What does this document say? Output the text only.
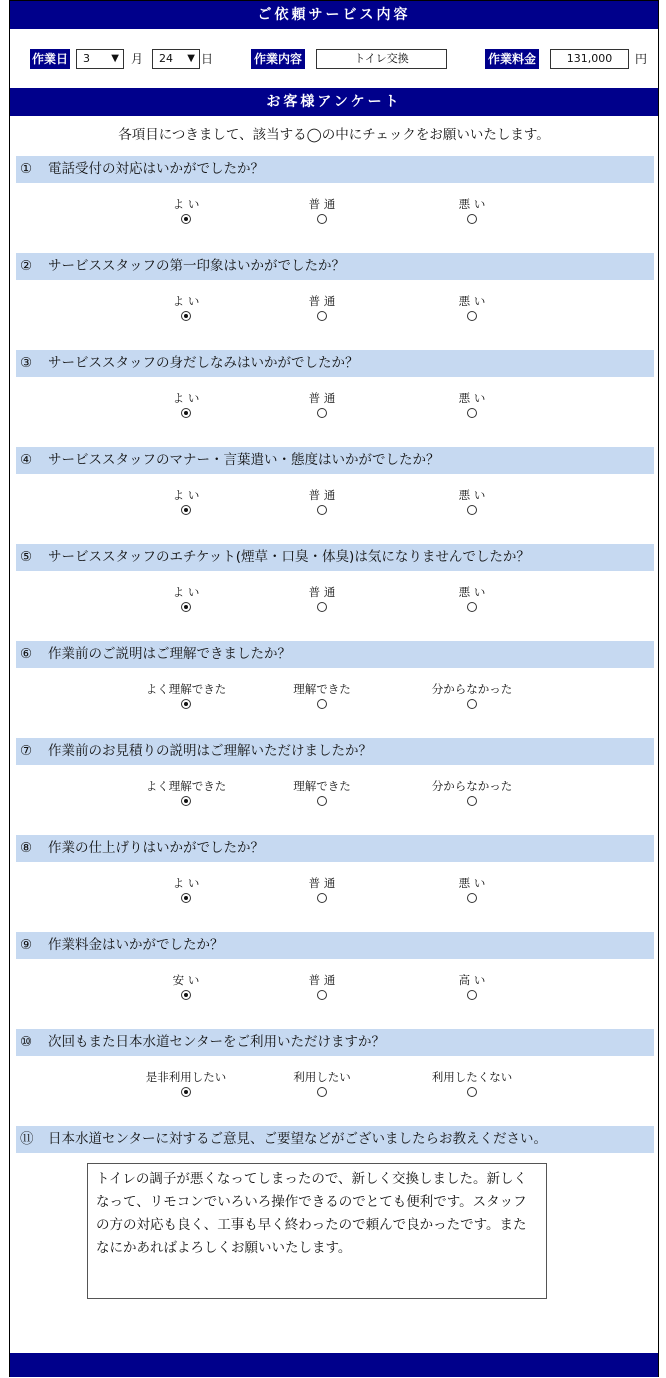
ご依頼サービス内容
作業日	3 ▼ 月	24 ▼ 日	作業内容	トイレ交換	作業料金	131,000	円
お客様アンケート
各項目につきまして、該当する◯の中にチェックをお願いいたします。
① 電話受付の対応はいかがでしたか？
よ い	普 通	悪 い
② サービススタッフの第一印象はいかがでしたか？
よ い	普 通	悪 い
③ サービススタッフの身だしなみはいかがでしたか？
よ い	普 通	悪 い
④ サービススタッフのマナー・言葉遣い・態度はいかがでしたか？
よ い	普 通	悪 い
⑤ サービススタッフのエチケット(煙草・口臭・体臭)は気になりませんでしたか？
よ い	普 通	悪 い
⑥ 作業前のご説明はご理解できましたか？
よく理解できた	理解できた	分からなかった
⑦ 作業前のお見積りの説明はご理解いただけましたか？
よく理解できた	理解できた	分からなかった
⑧ 作業の仕上げりはいかがでしたか？
よ い	普 通	悪 い
⑨ 作業料金はいかがでしたか？
安 い	普 通	高 い
⑩ 次回もまた日本水道センターをご利用いただけますか？
是非利用したい	利用したい	利用したくない
⑪ 日本水道センターに対するご意見、ご要望などがございましたらお教えください。
トイレの調子が悪くなってしまったので、新しく交換しました。新しくなって、リモコンでいろいろ操作できるのでとても便利です。スタッフの方の対応も良く、工事も早く終わったので頼んで良かったです。またなにかあればよろしくお願いいたします。
